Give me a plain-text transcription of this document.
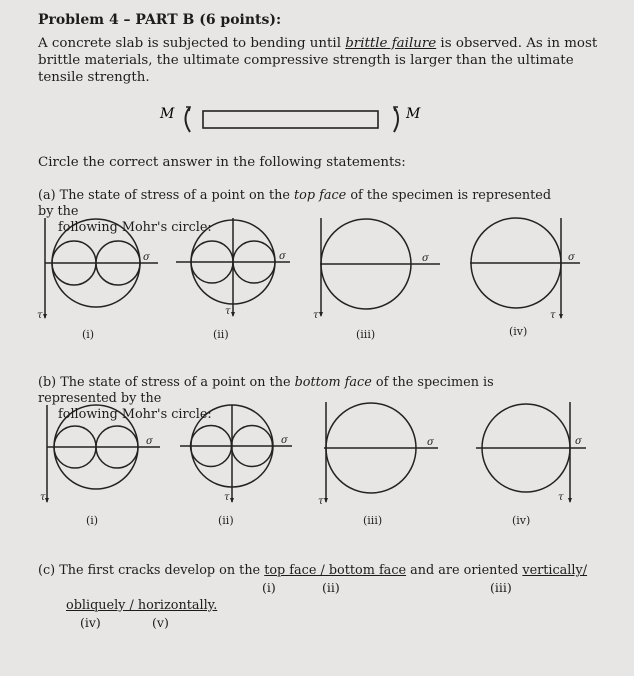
Problem 4 – PART B (6 points):
A concrete slab is subjected to bending until brittle failure is observed. As in most brittle materials, the ultimate compressive strength is larger than the ultimate tensile strength.
M	M
τ
σ
τ
σ
τ
σ
τ
σ
τ
σ
τ
σ
τ
σ
τ
σ
(i)	(ii)	(iii)	(iv)
(i)	(ii)	(iii)	(iv)
Circle the correct answer in the following statements:
(a) The state of stress of a point on the top face of the specimen is represented by the
following Mohr's circle:
(b) The state of stress of a point on the bottom face of the specimen is represented by the
following Mohr's circle:
(c) The first cracks develop on the top face / bottom face and are oriented vertically/
(i)	(ii)	(iii)
obliquely / horizontally.
(iv)	(v)
